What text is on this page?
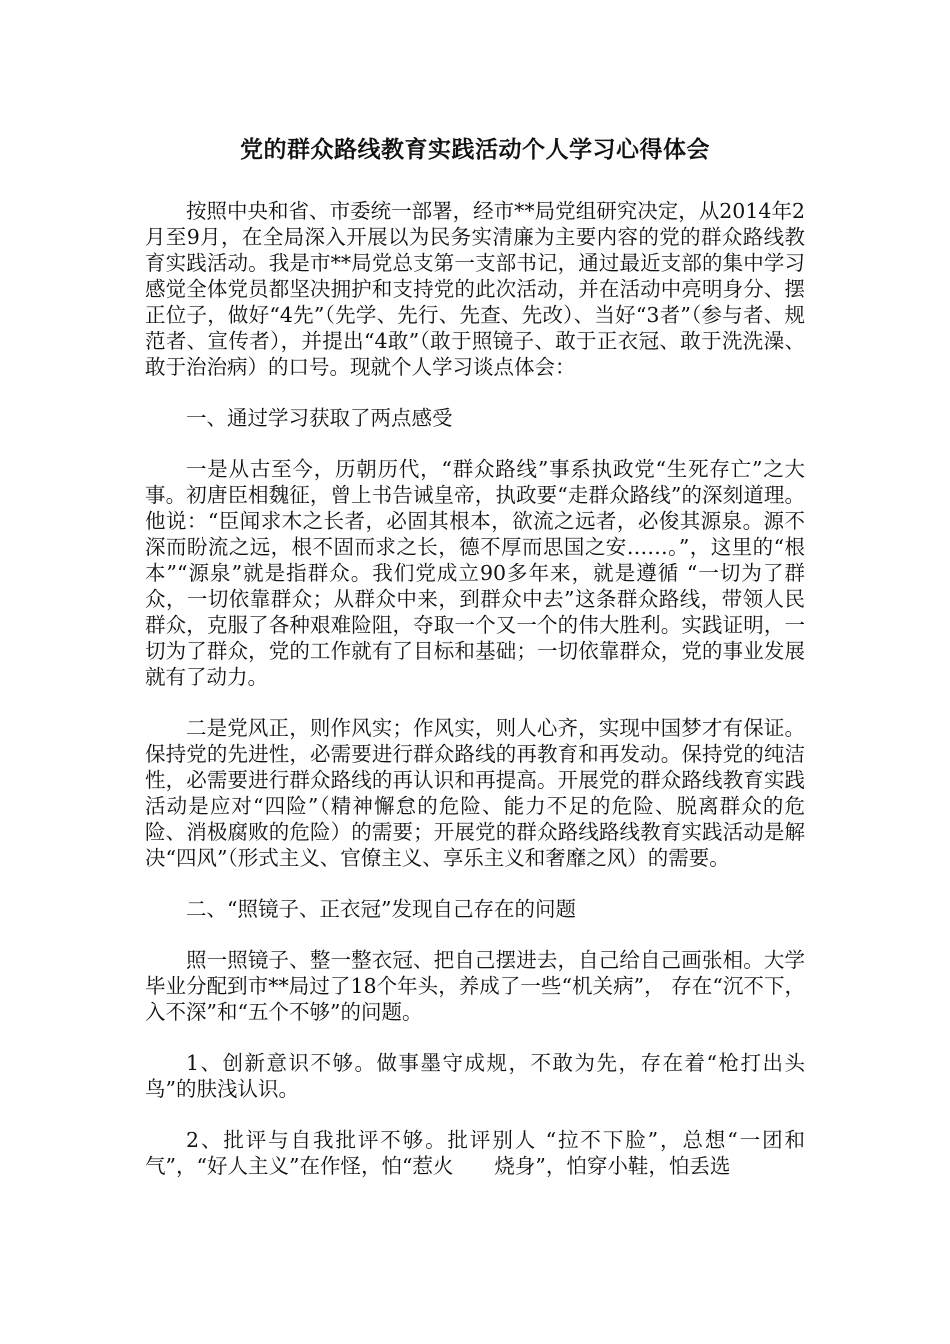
党的群众路线教育实践活动个人学习心得体会

按照中央和省、市委统一部署，经市**局党组研究决定，从2014年2月至9月，在全局深入开展以为民务实清廉为主要内容的党的群众路线教育实践活动。我是市**局党总支第一支部书记，通过最近支部的集中学习感觉全体党员都坚决拥护和支持党的此次活动，并在活动中亮明身分、摆正位子，做好“4先”（先学、先行、先查、先改）、当好“3者”（参与者、规范者、宣传者），并提出“4敢”（敢于照镜子、敢于正衣冠、敢于洗洗澡、敢于治治病）的口号。现就个人学习谈点体会：

一、通过学习获取了两点感受

一是从古至今，历朝历代，“群众路线”事系执政党“生死存亡”之大事。初唐臣相魏征，曾上书告诫皇帝，执政要“走群众路线”的深刻道理。他说：“臣闻求木之长者，必固其根本，欲流之远者，必俊其源泉。源不深而盼流之远，根不固而求之长，德不厚而思国之安……。”，这里的“根本”“源泉”就是指群众。我们党成立90多年来，就是遵循 “一切为了群众，一切依靠群众；从群众中来，到群众中去”这条群众路线，带领人民群众，克服了各种艰难险阻，夺取一个又一个的伟大胜利。实践证明，一切为了群众，党的工作就有了目标和基础；一切依靠群众，党的事业发展就有了动力。

二是党风正，则作风实；作风实，则人心齐，实现中国梦才有保证。保持党的先进性，必需要进行群众路线的再教育和再发动。保持党的纯洁性，必需要进行群众路线的再认识和再提高。开展党的群众路线教育实践活动是应对“四险”（精神懈怠的危险、能力不足的危险、脱离群众的危险、消极腐败的危险）的需要；开展党的群众路线路线教育实践活动是解决“四风”（形式主义、官僚主义、享乐主义和奢靡之风）的需要。

二、“照镜子、正衣冠”发现自己存在的问题

照一照镜子、整一整衣冠、把自己摆进去，自己给自己画张相。大学毕业分配到市**局过了18个年头，养成了一些“机关病”， 存在“沉不下，入不深”和“五个不够”的问题。

1、创新意识不够。做事墨守成规，不敢为先，存在着“枪打出头鸟”的肤浅认识。

2、批评与自我批评不够。批评别人 “拉不下脸”，总想“一团和气”，“好人主义”在作怪，怕“惹火　　烧身”，怕穿小鞋，怕丢选
